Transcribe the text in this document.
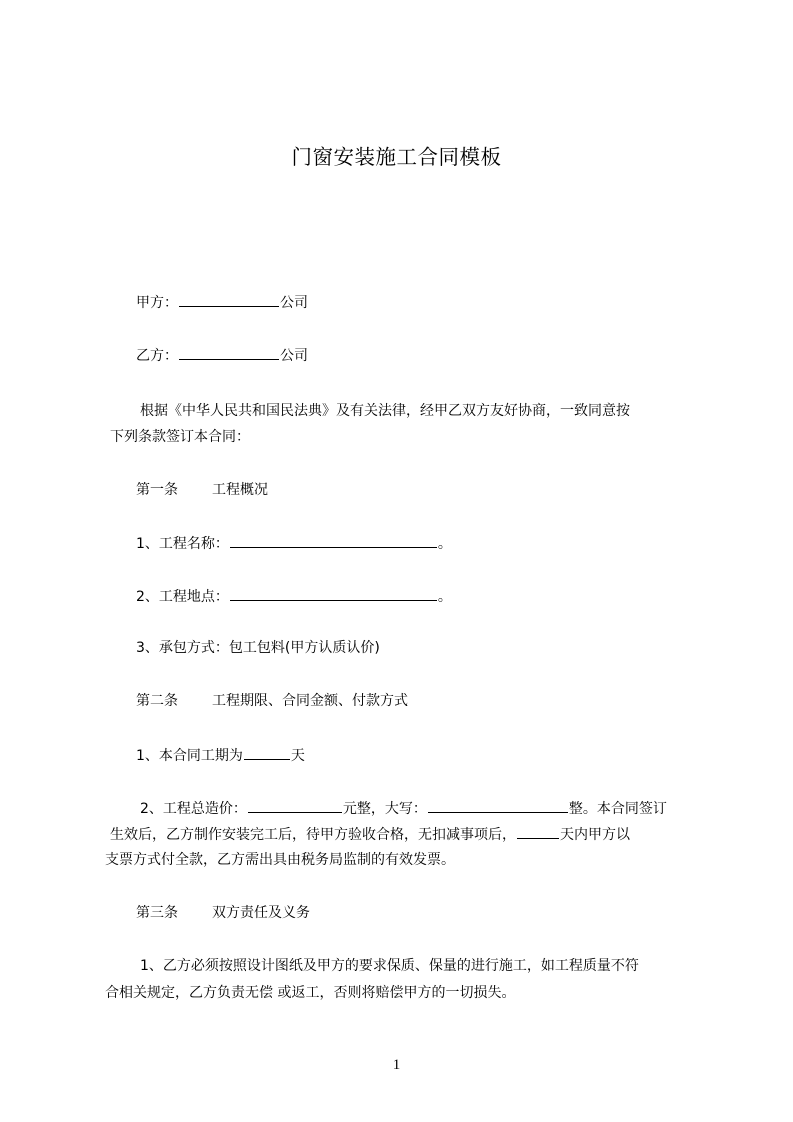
门窗安装施工合同模板
甲方：	公司
乙方：	公司
根据《中华人民共和国民法典》及有关法律，经甲乙双方友好协商，一致同意按
下列条款签订本合同：
第一条 工程概况
1、工程名称：	。
2、工程地点：	。
3、承包方式：包工包料(甲方认质认价)
第二条 工程期限、合同金额、付款方式
1、本合同工期为	天
2、工程总造价：	元整，大写：	整。本合同签订
生效后，乙方制作安装完工后，待甲方验收合格，无扣减事项后，	天内甲方以
支票方式付全款，乙方需出具由税务局监制的有效发票。
第三条 双方责任及义务
1、乙方必须按照设计图纸及甲方的要求保质、保量的进行施工，如工程质量不符
合相关规定，乙方负责无偿 或返工，否则将赔偿甲方的一切损失。
1
